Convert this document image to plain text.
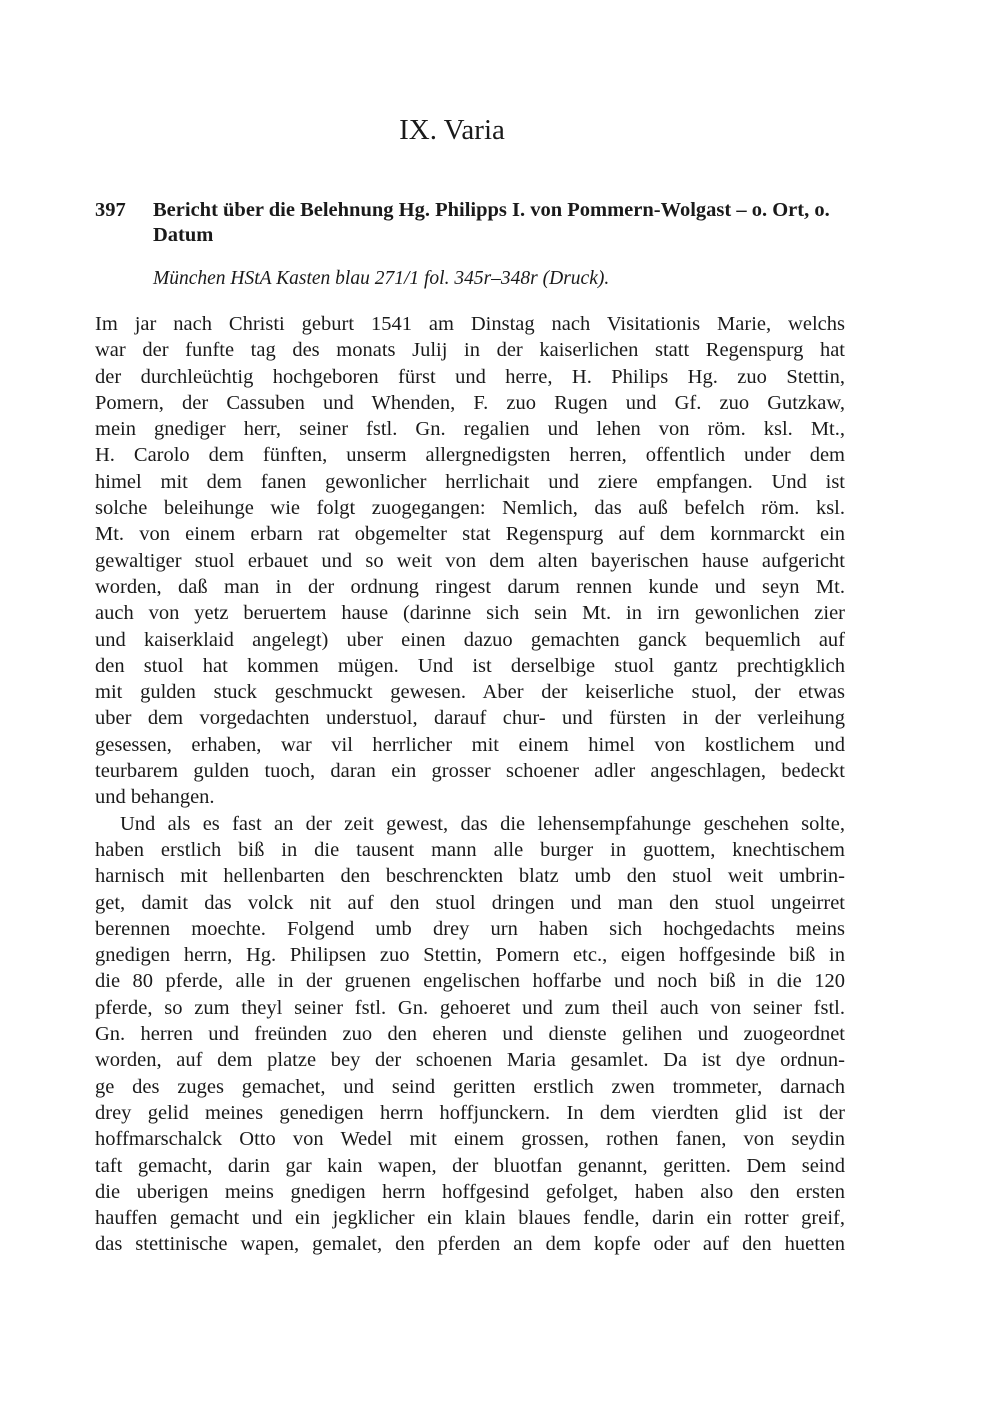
IX. Varia
397 Bericht über die Belehnung Hg. Philipps I. von Pommern-Wolgast – o. Ort, o. Datum
München HStA Kasten blau 271/1 fol. 345r–348r (Druck).
Im jar nach Christi geburt 1541 am Dinstag nach Visitationis Marie, welchs
war der funfte tag des monats Julij in der kaiserlichen statt Regenspurg hat
der durchleüchtig hochgeboren fürst und herre, H. Philips Hg. zuo Stettin,
Pomern, der Cassuben und Whenden, F. zuo Rugen und Gf. zuo Gutzkaw,
mein gnediger herr, seiner fstl. Gn. regalien und lehen von röm. ksl. Mt.,
H. Carolo dem fünften, unserm allergnedigsten herren, offentlich under dem
himel mit dem fanen gewonlicher herrlichait und ziere empfangen. Und ist
solche beleihunge wie folgt zuogegangen: Nemlich, das auß befelch röm. ksl.
Mt. von einem erbarn rat obgemelter stat Regenspurg auf dem kornmarckt ein
gewaltiger stuol erbauet und so weit von dem alten bayerischen hause aufgericht
worden, daß man in der ordnung ringest darum rennen kunde und seyn Mt.
auch von yetz beruertem hause (darinne sich sein Mt. in irn gewonlichen zier
und kaiserklaid angelegt) uber einen dazuo gemachten ganck bequemlich auf
den stuol hat kommen mügen. Und ist derselbige stuol gantz prechtigklich
mit gulden stuck geschmuckt gewesen. Aber der keiserliche stuol, der etwas
uber dem vorgedachten understuol, darauf chur- und fürsten in der verleihung
gesessen, erhaben, war vil herrlicher mit einem himel von kostlichem und
teurbarem gulden tuoch, daran ein grosser schoener adler angeschlagen, bedeckt
und behangen.
Und als es fast an der zeit gewest, das die lehensempfahunge geschehen solte,
haben erstlich biß in die tausent mann alle burger in guottem, knechtischem
harnisch mit hellenbarten den beschrenckten blatz umb den stuol weit umbrin-
get, damit das volck nit auf den stuol dringen und man den stuol ungeirret
berennen moechte. Folgend umb drey urn haben sich hochgedachts meins
gnedigen herrn, Hg. Philipsen zuo Stettin, Pomern etc., eigen hoffgesinde biß in
die 80 pferde, alle in der gruenen engelischen hoffarbe und noch biß in die 120
pferde, so zum theyl seiner fstl. Gn. gehoeret und zum theil auch von seiner fstl.
Gn. herren und freünden zuo den eheren und dienste gelihen und zuogeordnet
worden, auf dem platze bey der schoenen Maria gesamlet. Da ist dye ordnun-
ge des zuges gemachet, und seind geritten erstlich zwen trommeter, darnach
drey gelid meines genedigen herrn hoffjunckern. In dem vierdten glid ist der
hoffmarschalck Otto von Wedel mit einem grossen, rothen fanen, von seydin
taft gemacht, darin gar kain wapen, der bluotfan genannt, geritten. Dem seind
die uberigen meins gnedigen herrn hoffgesind gefolget, haben also den ersten
hauffen gemacht und ein jegklicher ein klain blaues fendle, darin ein rotter greif,
das stettinische wapen, gemalet, den pferden an dem kopfe oder auf den huetten
